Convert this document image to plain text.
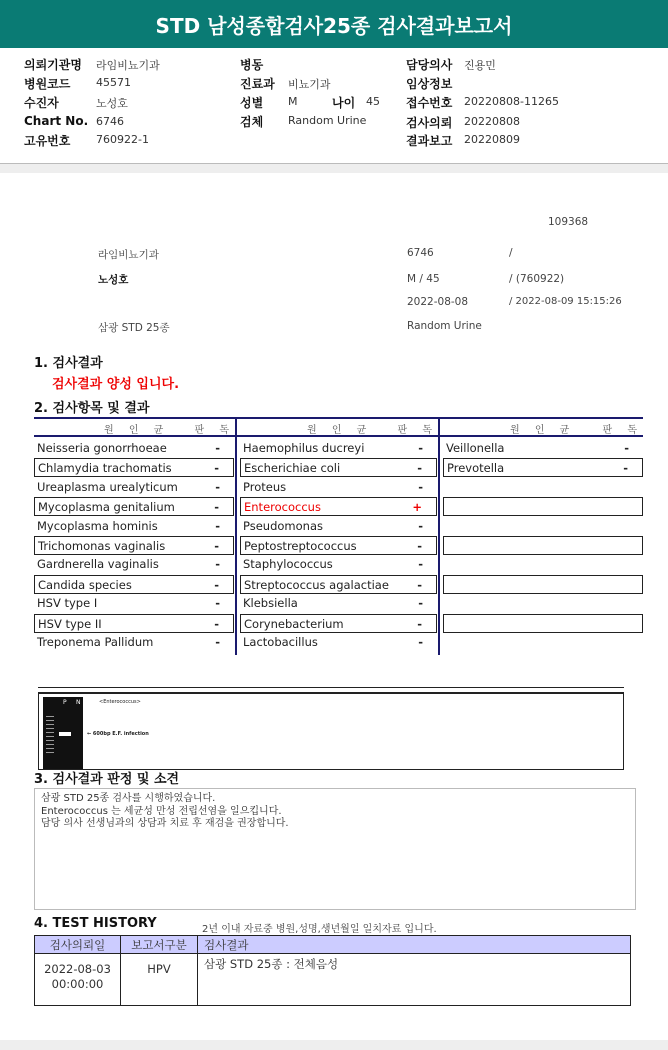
STD 남성종합검사25종 검사결과보고서
의뢰기관명 라임비뇨기과
병원코드 45571
수진자	노성호
Chart No. 6746
고유번호 760922-1
병동
진료과 비뇨기과
성별 M	나이 45
검체 Random Urine
담당의사 진용민
임상정보
접수번호 20220808-11265
검사의뢰 20220808
결과보고 20220809
109368
라임비뇨기과	6746	/
노성호	M / 45	/ (760922)
2022-08-08	/ 2022-08-09 15:15:26
삼광 STD 25종	Random Urine
1. 검사결과
검사결과 양성 입니다.
2. 검사항목 및 결과
원 인 균	판 독
Neisseria gonorrhoeae	-
Chlamydia trachomatis	-
Ureaplasma urealyticum	-
Mycoplasma genitalium	-
Mycoplasma hominis	-
Trichomonas vaginalis	-
Gardnerella vaginalis	-
Candida species	-
HSV type I	-
HSV type II	-
Treponema Pallidum	-
원 인 균	판 독
Haemophilus ducreyi	-
Escherichiae coli	-
Proteus	-
Enterococcus	+
Pseudomonas	-
Peptostreptococcus	-
Staphylococcus	-
Streptococcus agalactiae -
Klebsiella	-
Corynebacterium	-
Lactobacillus	-
원 인 균	판 독
Veillonella	-
Prevotella	-
P N	<Enterococcus>
← 600bp E.F. infection
3. 검사결과 판정 및 소견
삼광 STD 25종 검사를 시행하였습니다.
Enterococcus 는 세균성 만성 전립선염을 일으킵니다.
담당 의사 선생님과의 상담과 치료 후 재검을 권장합니다.
4. TEST HISTORY	2년 이내 자료중 병원,성명,생년월일 일치자료 입니다.
검사의뢰일	보고서구분	검사결과

2022-08-03
00:00:00	HPV	삼광 STD 25종 : 전체음성
